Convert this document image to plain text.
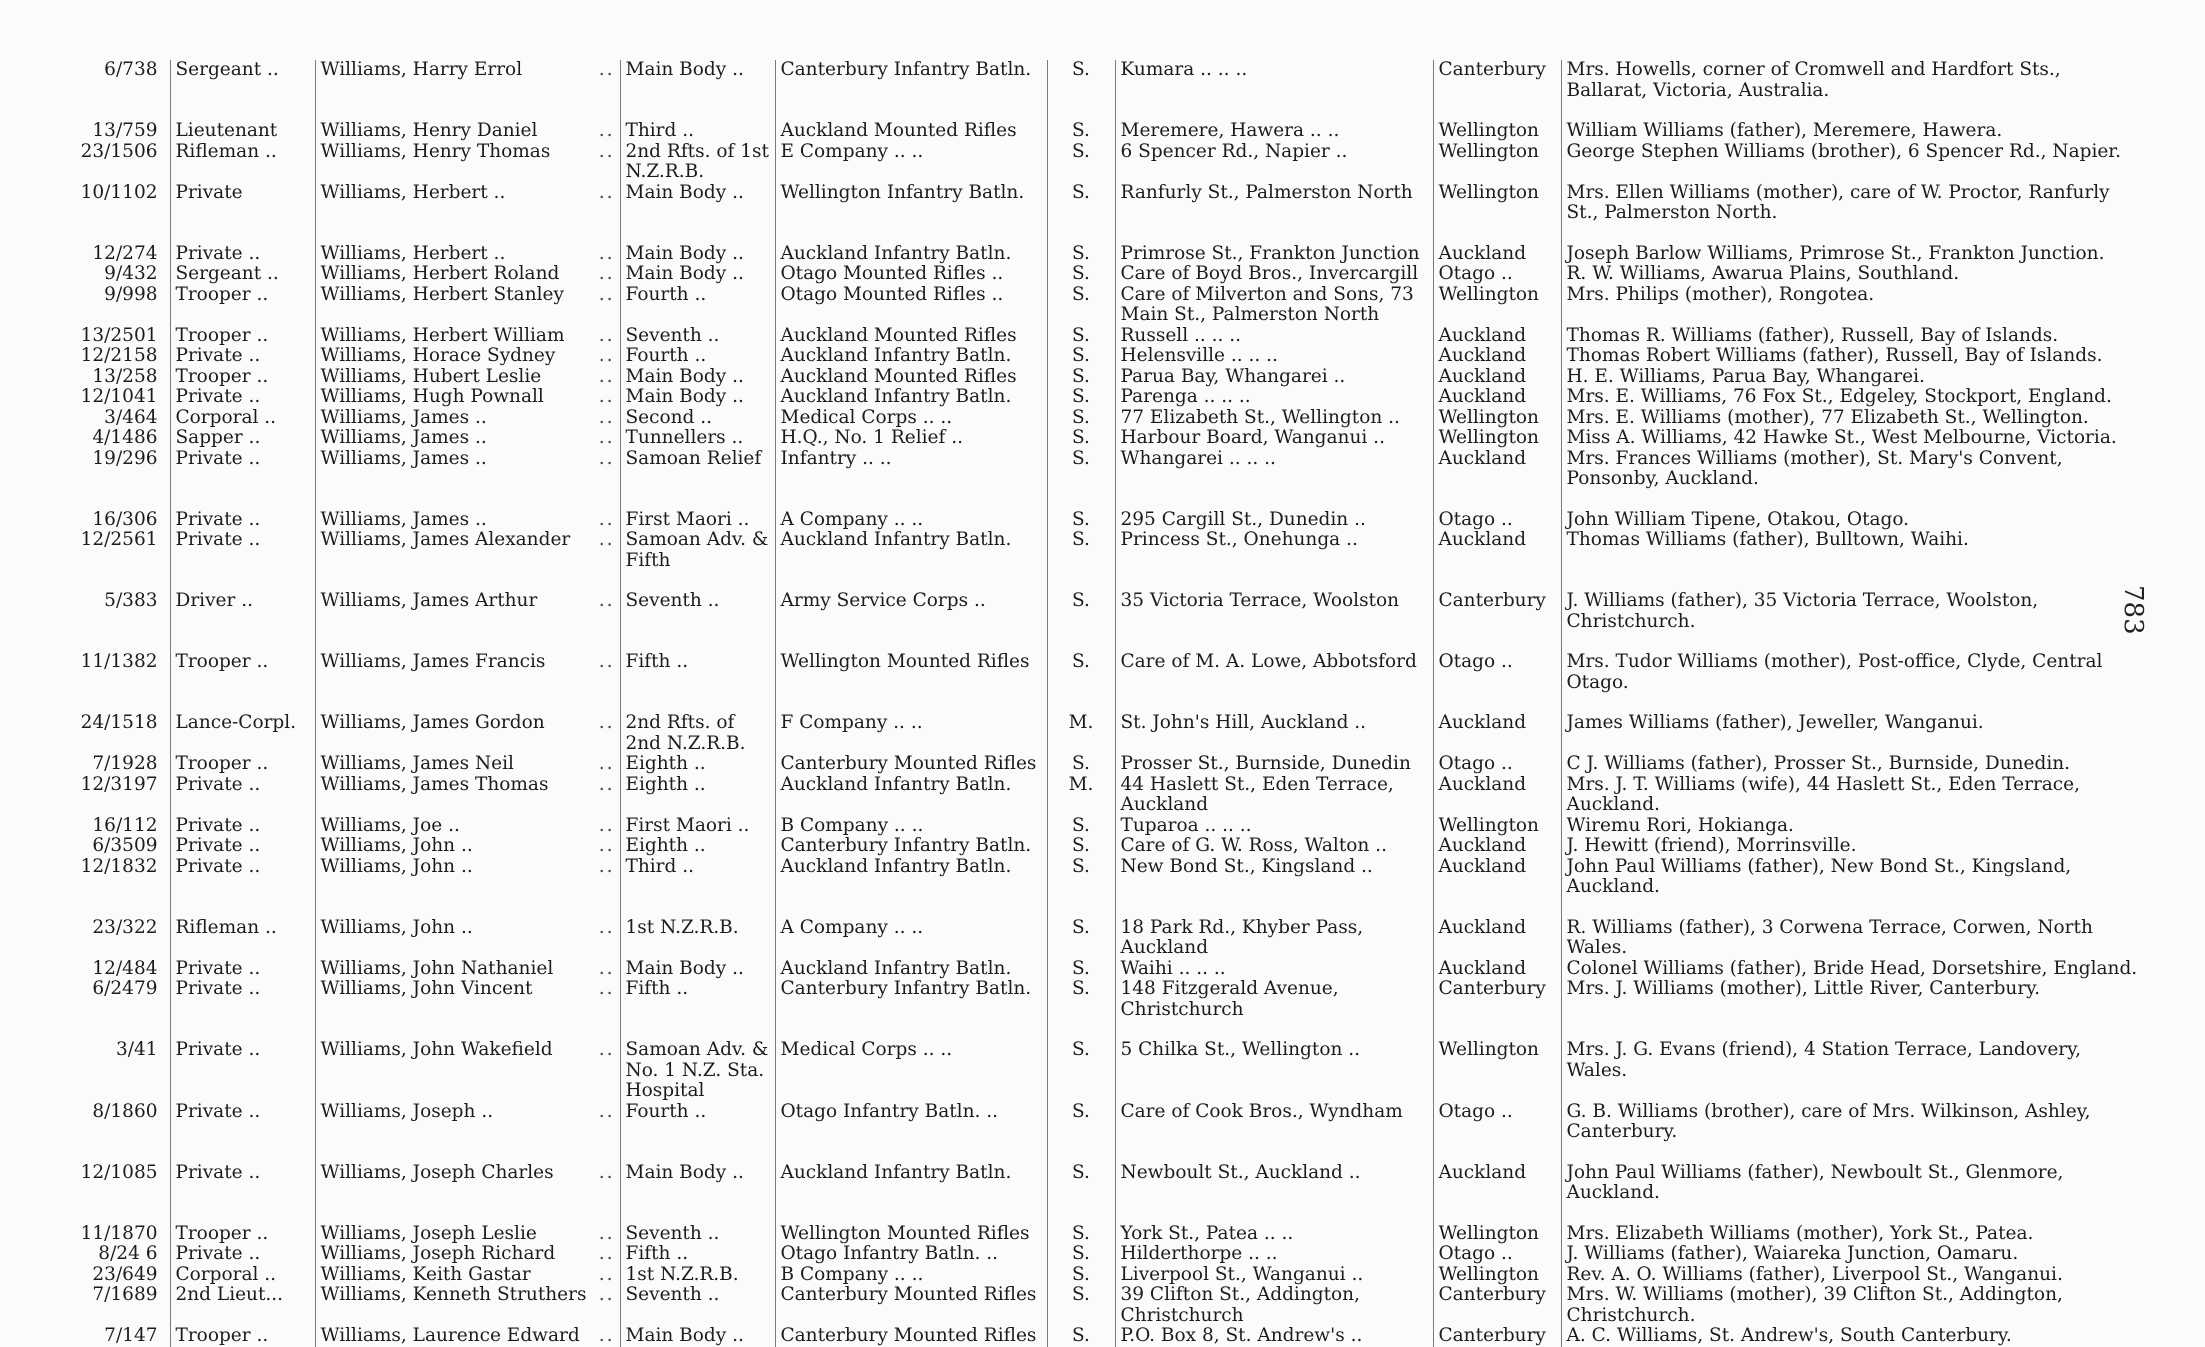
6/738	Sergeant ..	Williams, Harry Errol ..	Main Body ..	Canterbury Infantry Batln.	S.	Kumara .. .. ..	Canterbury	Mrs. Howells, corner of Cromwell and Hardfort Sts., Ballarat, Victoria, Australia.
13/759	Lieutenant	Williams, Henry Daniel ..	Third ..	Auckland Mounted Rifles	S.	Meremere, Hawera .. ..	Wellington	William Williams (father), Meremere, Hawera.
23/1506	Rifleman ..	Williams, Henry Thomas ..	2nd Rfts. of 1st N.Z.R.B.	E Company .. ..	S.	6 Spencer Rd., Napier ..	Wellington	George Stephen Williams (brother), 6 Spencer Rd., Napier.
10/1102	Private	Williams, Herbert .. ..	Main Body ..	Wellington Infantry Batln.	S.	Ranfurly St., Palmerston North	Wellington	Mrs. Ellen Williams (mother), care of W. Proctor, Ranfurly St., Palmerston North.
12/274	Private ..	Williams, Herbert .. ..	Main Body ..	Auckland Infantry Batln.	S.	Primrose St., Frankton Junction	Auckland	Joseph Barlow Williams, Primrose St., Frankton Junction.
9/432	Sergeant ..	Williams, Herbert Roland ..	Main Body ..	Otago Mounted Rifles ..	S.	Care of Boyd Bros., Invercargill	Otago ..	R. W. Williams, Awarua Plains, Southland.
9/998	Trooper ..	Williams, Herbert Stanley ..	Fourth ..	Otago Mounted Rifles ..	S.	Care of Milverton and Sons, 73 Main St., Palmerston North	Wellington	Mrs. Philips (mother), Rongotea.
13/2501	Trooper ..	Williams, Herbert William ..	Seventh ..	Auckland Mounted Rifles	S.	Russell .. .. ..	Auckland	Thomas R. Williams (father), Russell, Bay of Islands.
12/2158	Private ..	Williams, Horace Sydney ..	Fourth ..	Auckland Infantry Batln.	S.	Helensville .. .. ..	Auckland	Thomas Robert Williams (father), Russell, Bay of Islands.
13/258	Trooper ..	Williams, Hubert Leslie ..	Main Body ..	Auckland Mounted Rifles	S.	Parua Bay, Whangarei ..	Auckland	H. E. Williams, Parua Bay, Whangarei.
12/1041	Private ..	Williams, Hugh Pownall ..	Main Body ..	Auckland Infantry Batln.	S.	Parenga .. .. ..	Auckland	Mrs. E. Williams, 76 Fox St., Edgeley, Stockport, England.
3/464	Corporal ..	Williams, James .. ..	Second ..	Medical Corps .. ..	S.	77 Elizabeth St., Wellington ..	Wellington	Mrs. E. Williams (mother), 77 Elizabeth St., Wellington.
4/1486	Sapper ..	Williams, James .. ..	Tunnellers ..	H.Q., No. 1 Relief ..	S.	Harbour Board, Wanganui ..	Wellington	Miss A. Williams, 42 Hawke St., West Melbourne, Victoria.
19/296	Private ..	Williams, James .. ..	Samoan Relief	Infantry .. ..	S.	Whangarei .. .. ..	Auckland	Mrs. Frances Williams (mother), St. Mary's Convent, Ponsonby, Auckland.
16/306	Private ..	Williams, James .. ..	First Maori ..	A Company .. ..	S.	295 Cargill St., Dunedin ..	Otago ..	John William Tipene, Otakou, Otago.
12/2561	Private ..	Williams, James Alexander ..	Samoan Adv. & Fifth	Auckland Infantry Batln.	S.	Princess St., Onehunga ..	Auckland	Thomas Williams (father), Bulltown, Waihi.
5/383	Driver ..	Williams, James Arthur ..	Seventh ..	Army Service Corps ..	S.	35 Victoria Terrace, Woolston	Canterbury	J. Williams (father), 35 Victoria Terrace, Woolston, Christchurch.
11/1382	Trooper ..	Williams, James Francis ..	Fifth ..	Wellington Mounted Rifles	S.	Care of M. A. Lowe, Abbotsford	Otago ..	Mrs. Tudor Williams (mother), Post-office, Clyde, Central Otago.
24/1518	Lance-Corpl.	Williams, James Gordon ..	2nd Rfts. of 2nd N.Z.R.B.	F Company .. ..	M.	St. John's Hill, Auckland ..	Auckland	James Williams (father), Jeweller, Wanganui.
7/1928	Trooper ..	Williams, James Neil ..	Eighth ..	Canterbury Mounted Rifles	S.	Prosser St., Burnside, Dunedin	Otago ..	C J. Williams (father), Prosser St., Burnside, Dunedin.
12/3197	Private ..	Williams, James Thomas ..	Eighth ..	Auckland Infantry Batln.	M.	44 Haslett St., Eden Terrace, Auckland	Auckland	Mrs. J. T. Williams (wife), 44 Haslett St., Eden Terrace, Auckland.
16/112	Private ..	Williams, Joe .. ..	First Maori ..	B Company .. ..	S.	Tuparoa .. .. ..	Wellington	Wiremu Rori, Hokianga.
6/3509	Private ..	Williams, John .. ..	Eighth ..	Canterbury Infantry Batln.	S.	Care of G. W. Ross, Walton ..	Auckland	J. Hewitt (friend), Morrinsville.
12/1832	Private ..	Williams, John .. ..	Third ..	Auckland Infantry Batln.	S.	New Bond St., Kingsland ..	Auckland	John Paul Williams (father), New Bond St., Kingsland, Auckland.
23/322	Rifleman ..	Williams, John .. ..	1st N.Z.R.B.	A Company .. ..	S.	18 Park Rd., Khyber Pass, Auckland	Auckland	R. Williams (father), 3 Corwena Terrace, Corwen, North Wales.
12/484	Private ..	Williams, John Nathaniel ..	Main Body ..	Auckland Infantry Batln.	S.	Waihi .. .. ..	Auckland	Colonel Williams (father), Bride Head, Dorsetshire, England.
6/2479	Private ..	Williams, John Vincent ..	Fifth ..	Canterbury Infantry Batln.	S.	148 Fitzgerald Avenue, Christchurch	Canterbury	Mrs. J. Williams (mother), Little River, Canterbury.
3/41	Private ..	Williams, John Wakefield ..	Samoan Adv. & No. 1 N.Z. Sta. Hospital	Medical Corps .. ..	S.	5 Chilka St., Wellington ..	Wellington	Mrs. J. G. Evans (friend), 4 Station Terrace, Landovery, Wales.
8/1860	Private ..	Williams, Joseph .. ..	Fourth ..	Otago Infantry Batln. ..	S.	Care of Cook Bros., Wyndham	Otago ..	G. B. Williams (brother), care of Mrs. Wilkinson, Ashley, Canterbury.
12/1085	Private ..	Williams, Joseph Charles ..	Main Body ..	Auckland Infantry Batln.	S.	Newboult St., Auckland ..	Auckland	John Paul Williams (father), Newboult St., Glenmore, Auckland.
11/1870	Trooper ..	Williams, Joseph Leslie ..	Seventh ..	Wellington Mounted Rifles	S.	York St., Patea .. ..	Wellington	Mrs. Elizabeth Williams (mother), York St., Patea.
8/24 6	Private ..	Williams, Joseph Richard ..	Fifth ..	Otago Infantry Batln. ..	S.	Hilderthorpe .. ..	Otago ..	J. Williams (father), Waiareka Junction, Oamaru.
23/649	Corporal ..	Williams, Keith Gastar ..	1st N.Z.R.B.	B Company .. ..	S.	Liverpool St., Wanganui ..	Wellington	Rev. A. O. Williams (father), Liverpool St., Wanganui.
7/1689	2nd Lieut...	Williams, Kenneth Struthers ..	Seventh ..	Canterbury Mounted Rifles	S.	39 Clifton St., Addington, Christchurch	Canterbury	Mrs. W. Williams (mother), 39 Clifton St., Addington, Christchurch.
7/147	Trooper ..	Williams, Laurence Edward ..	Main Body ..	Canterbury Mounted Rifles	S.	P.O. Box 8, St. Andrew's ..	Canterbury	A. C. Williams, St. Andrew's, South Canterbury.
783
